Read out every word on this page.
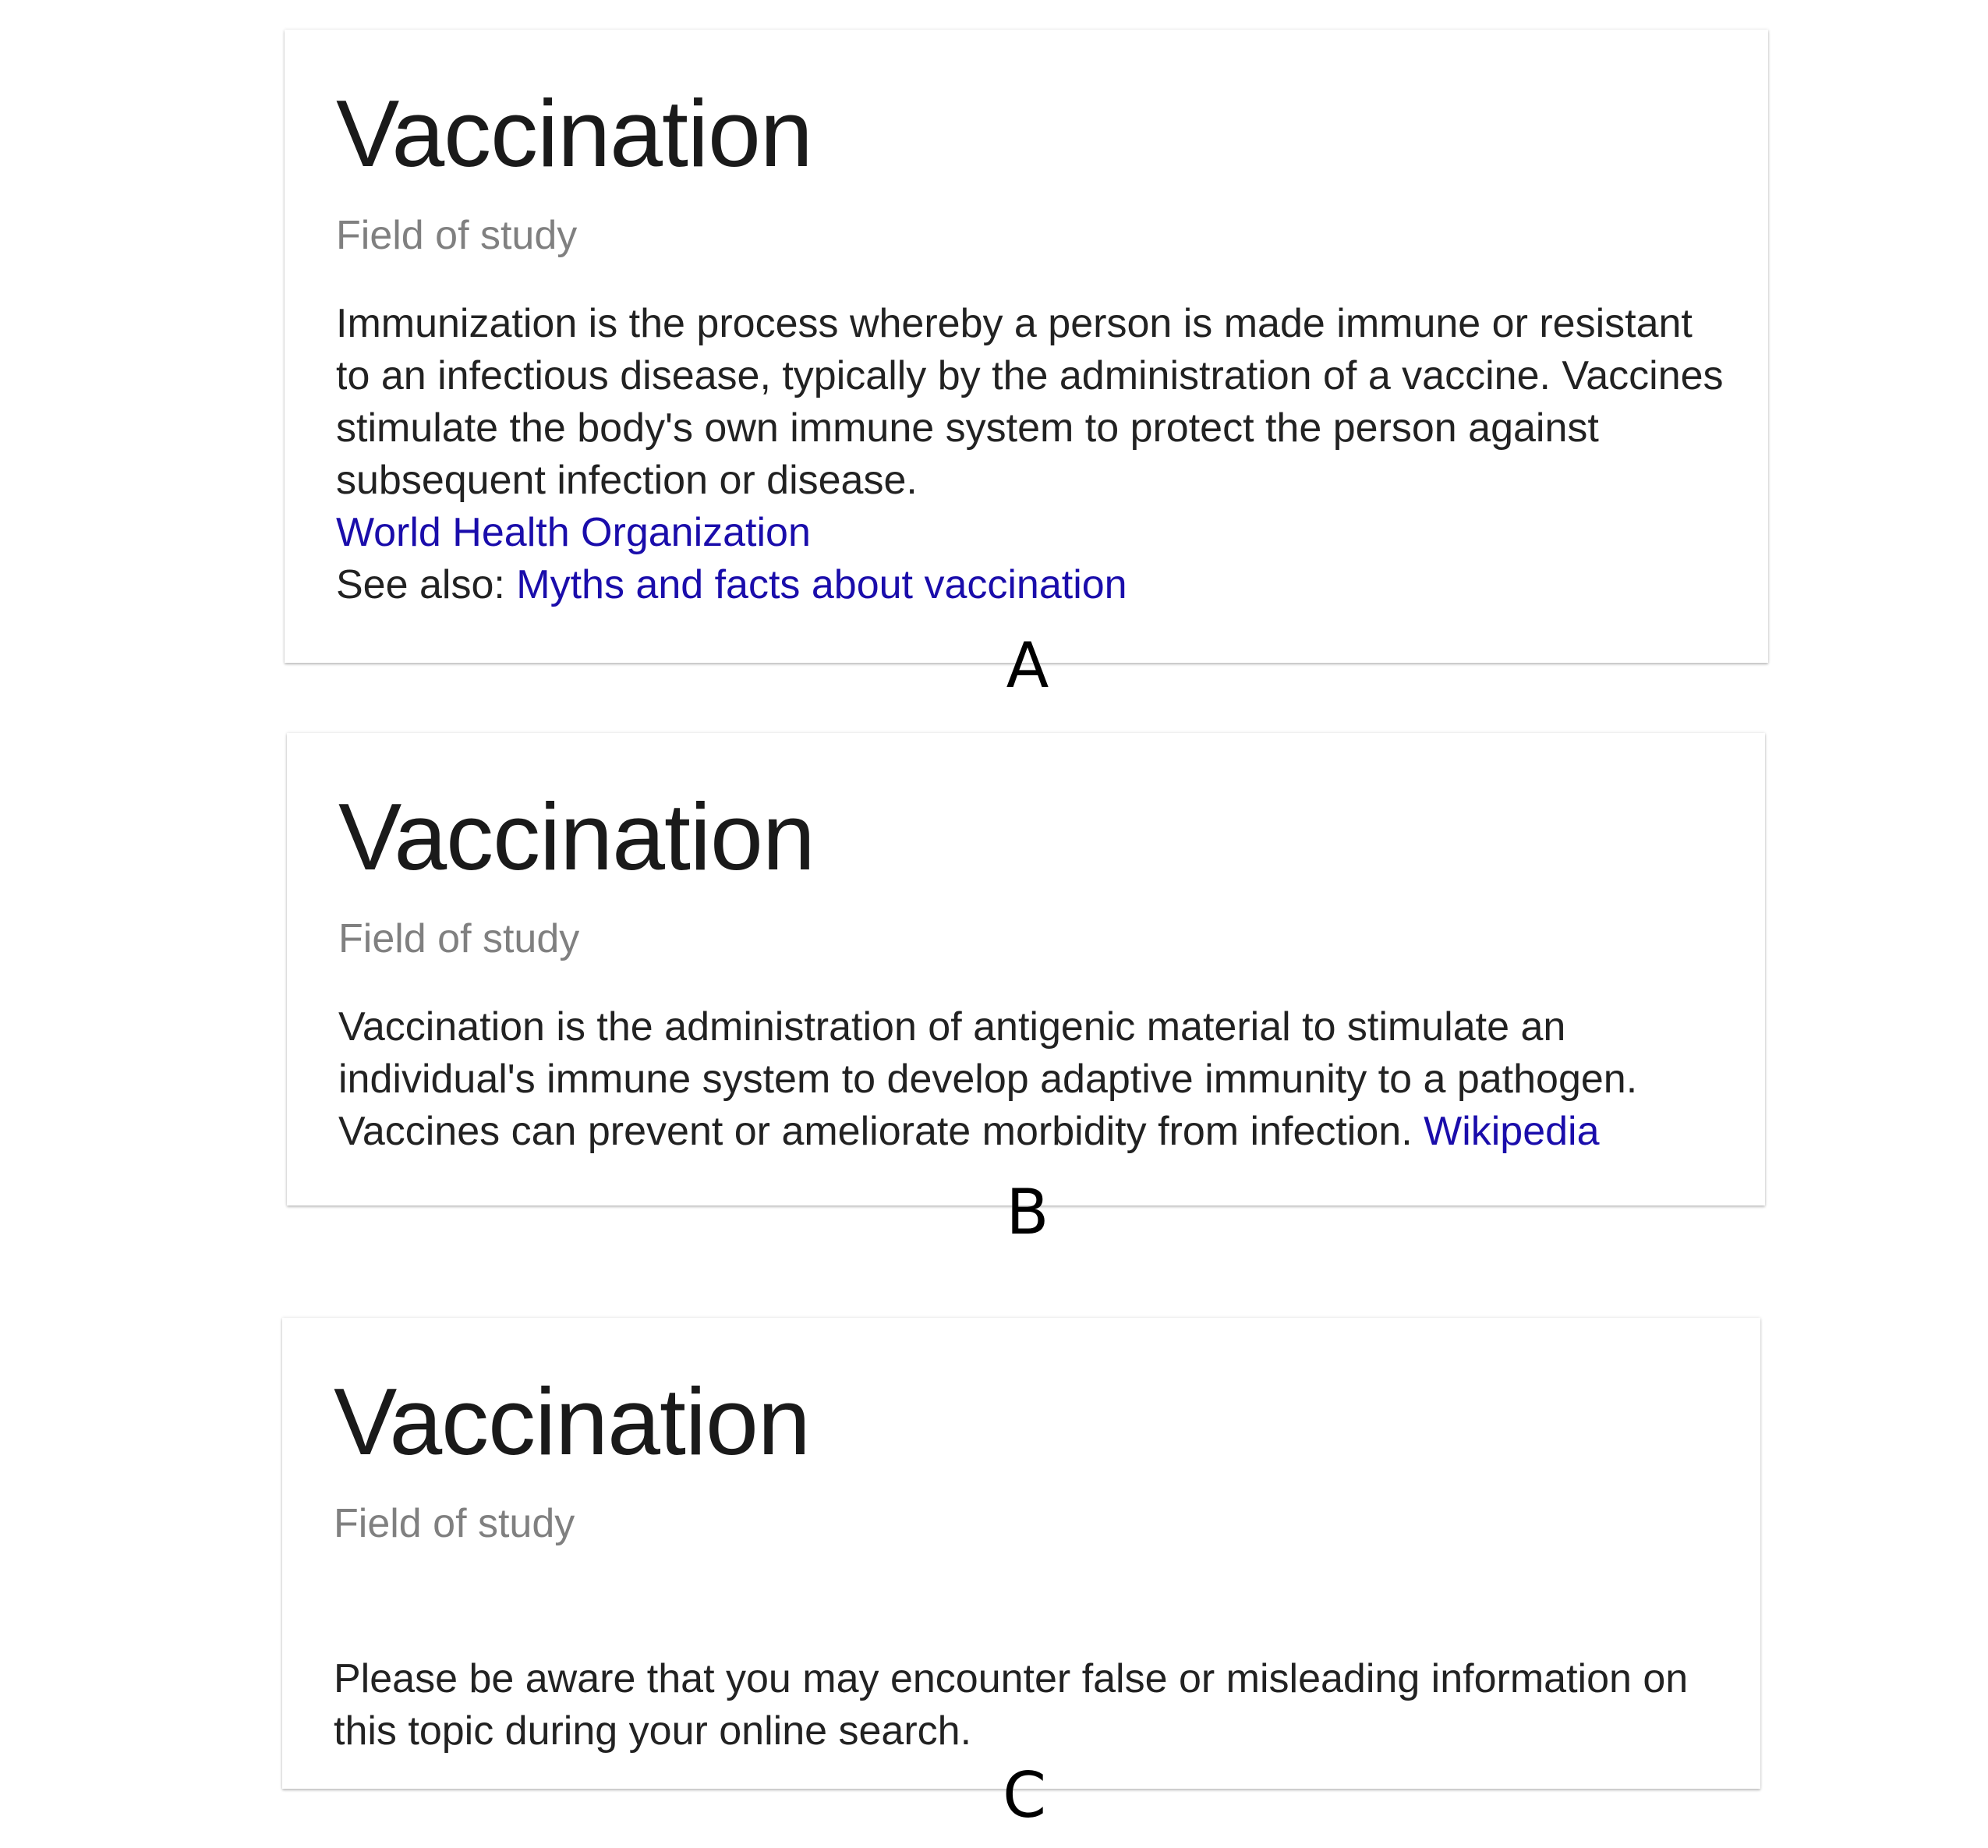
Vaccination
Field of study
Immunization is the process whereby a person is made immune or resistant to an infectious disease, typically by the administration of a vaccine. Vaccines stimulate the body's own immune system to protect the person against subsequent infection or disease.
World Health Organization
See also: Myths and facts about vaccination
A
Vaccination
Field of study
Vaccination is the administration of antigenic material to stimulate an individual's immune system to develop adaptive immunity to a pathogen. Vaccines can prevent or ameliorate morbidity from infection. Wikipedia
B
Vaccination
Field of study
Please be aware that you may encounter false or misleading information on this topic during your online search.
C
